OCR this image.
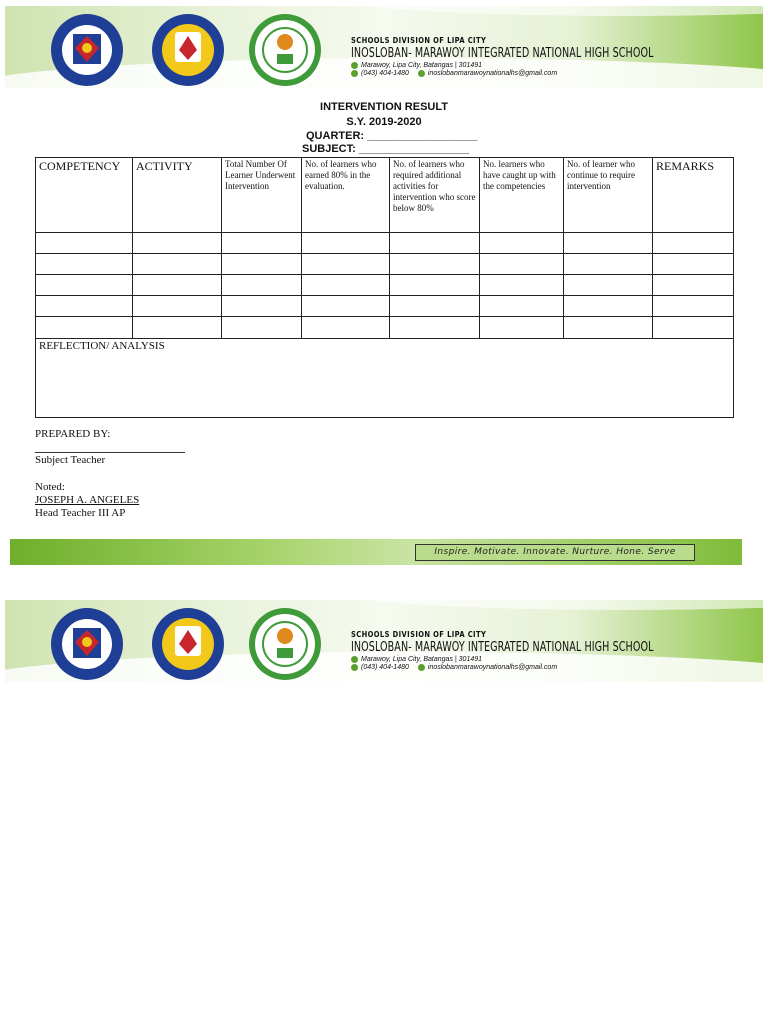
SCHOOLS DIVISION OF LIPA CITY
INOSLOBAN- MARAWOY INTEGRATED NATIONAL HIGH SCHOOL
Marawoy, Lipa City, Batangas | 301491
(043) 404-1480	inoslobanmarawoynationalhs@gmail.com
INTERVENTION RESULT
S.Y. 2019-2020
QUARTER: __________________
SUBJECT: __________________
COMPETENCY	ACTIVITY	Total Number Of Learner Underwent Intervention	No. of learners who earned 80% in the evaluation.	No. of learners who required additional activities for intervention who score below 80%	No. learners who have caught up with the competencies	No. of learner who continue to require intervention	REMARKS

REFLECTION/ ANALYSIS							
PREPARED BY:
Subject Teacher
Noted:
JOSEPH A. ANGELES
Head Teacher III AP
Inspire. Motivate. Innovate. Nurture. Hone. Serve
SCHOOLS DIVISION OF LIPA CITY
INOSLOBAN- MARAWOY INTEGRATED NATIONAL HIGH SCHOOL
Marawoy, Lipa City, Batangas | 301491
(043) 404-1480	inoslobanmarawoynationalhs@gmail.com
